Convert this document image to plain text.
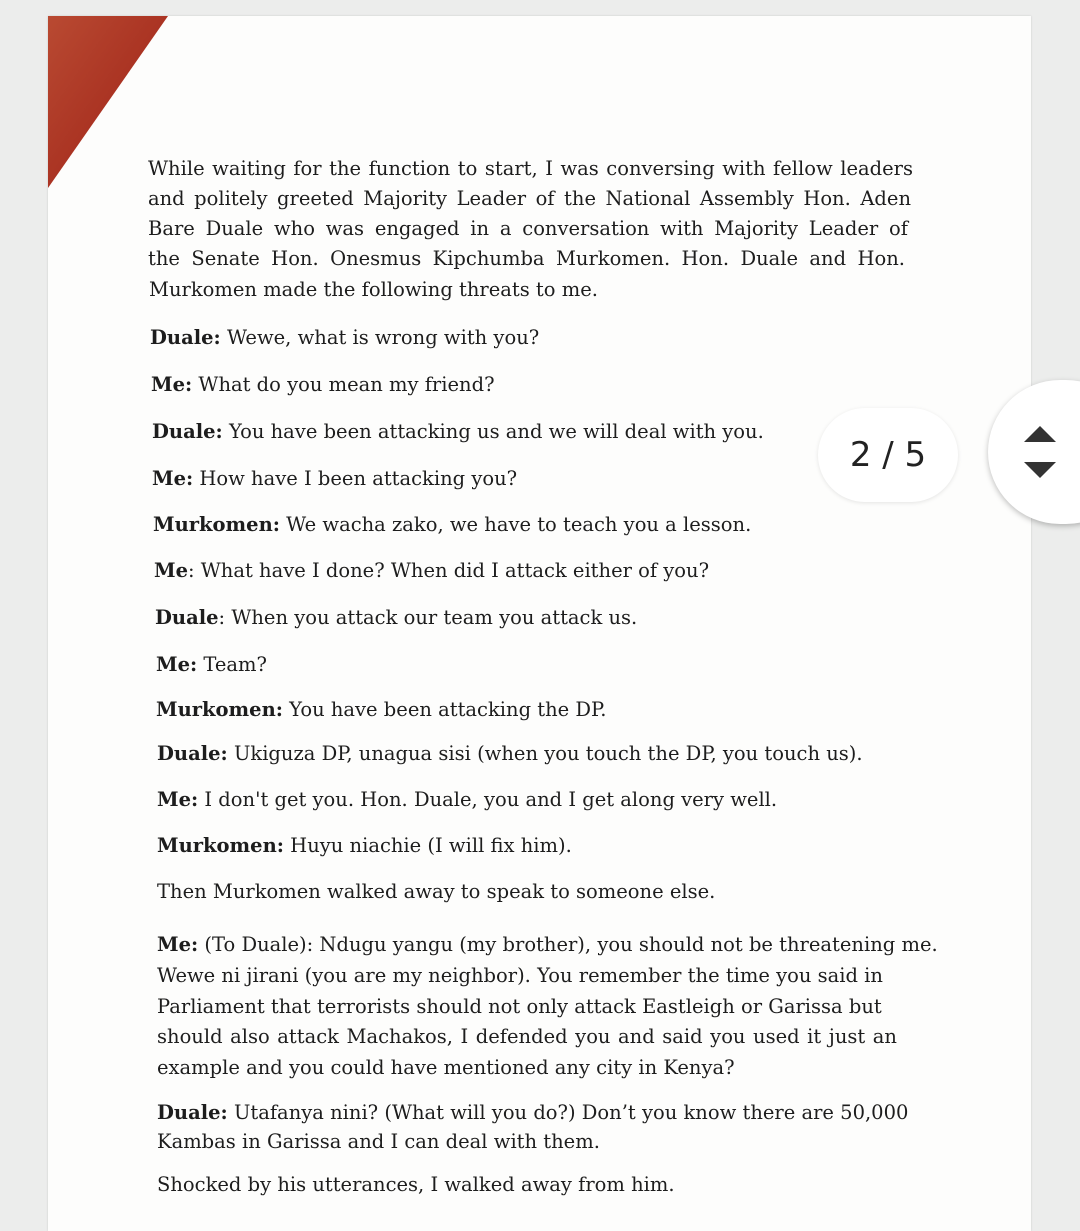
While waiting for the function to start, I was conversing with fellow leaders

and politely greeted Majority Leader of the National Assembly Hon. Aden

Bare Duale who was engaged in a conversation with Majority Leader of

the Senate Hon. Onesmus Kipchumba Murkomen. Hon. Duale and Hon.

Murkomen made the following threats to me.

Duale: Wewe, what is wrong with you?

Me: What do you mean my friend?

Duale: You have been attacking us and we will deal with you.

Me: How have I been attacking you?

Murkomen: We wacha zako, we have to teach you a lesson.

Me: What have I done? When did I attack either of you?

Duale: When you attack our team you attack us.

Me: Team?

Murkomen: You have been attacking the DP.

Duale: Ukiguza DP, unagua sisi (when you touch the DP, you touch us).

Me: I don't get you. Hon. Duale, you and I get along very well.

Murkomen: Huyu niachie (I will fix him).

Then Murkomen walked away to speak to someone else.

Me: (To Duale): Ndugu yangu (my brother), you should not be threatening me.

Wewe ni jirani (you are my neighbor). You remember the time you said in

Parliament that terrorists should not only attack Eastleigh or Garissa but

should also attack Machakos, I defended you and said you used it just an

example and you could have mentioned any city in Kenya?

Duale: Utafanya nini? (What will you do?) Don’t you know there are 50,000

Kambas in Garissa and I can deal with them.

Shocked by his utterances, I walked away from him.

2 / 5
